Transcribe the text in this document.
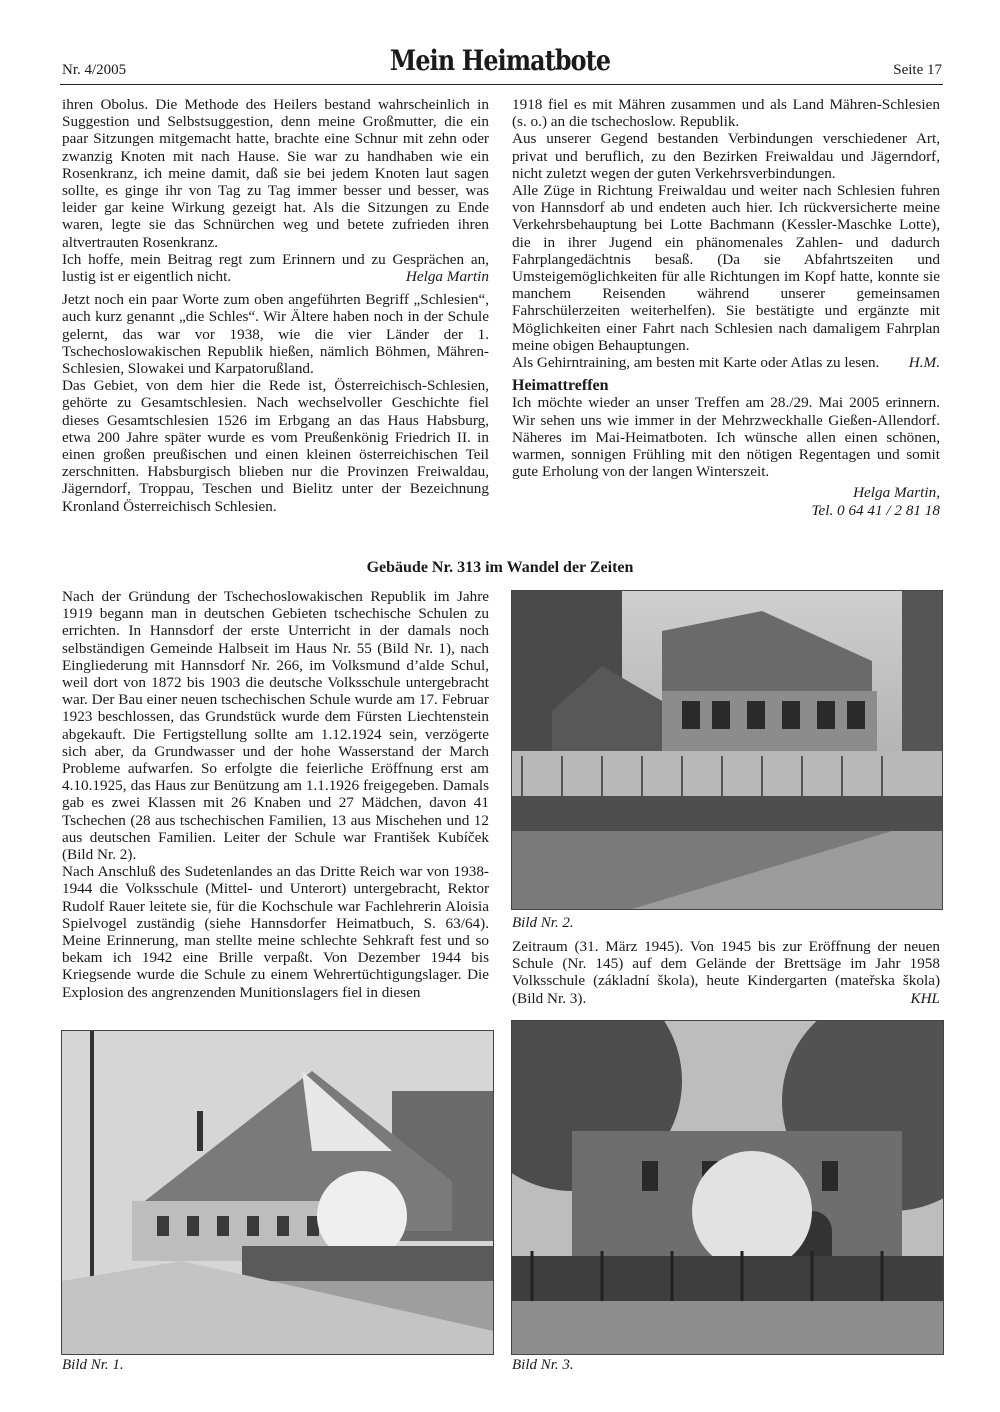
Nr. 4/2005	Mein Heimatbote	Seite 17

ihren Obolus. Die Methode des Heilers bestand wahrscheinlich in Suggestion und Selbstsuggestion, denn meine Großmutter, die ein paar Sitzungen mitgemacht hatte, brachte eine Schnur mit zehn oder zwanzig Knoten mit nach Hause. Sie war zu handhaben wie ein Rosenkranz, ich meine damit, daß sie bei jedem Knoten laut sagen sollte, es ginge ihr von Tag zu Tag immer besser und besser, was leider gar keine Wirkung gezeigt hat. Als die Sitzungen zu Ende waren, legte sie das Schnürchen weg und betete zufrieden ihren altvertrauten Rosenkranz.

Ich hoffe, mein Beitrag regt zum Erinnern und zu Gesprächen an, lustig ist er eigentlich nicht.	Helga Martin

Jetzt noch ein paar Worte zum oben angeführten Begriff „Schlesien“, auch kurz genannt „die Schles“. Wir Ältere haben noch in der Schule gelernt, das war vor 1938, wie die vier Länder der 1. Tschechoslowakischen Republik hießen, nämlich Böhmen, Mähren-Schlesien, Slowakei und Karpatorußland.

Das Gebiet, von dem hier die Rede ist, Österreichisch-Schlesien, gehörte zu Gesamtschlesien. Nach wechselvoller Geschichte fiel dieses Gesamtschlesien 1526 im Erbgang an das Haus Habsburg, etwa 200 Jahre später wurde es vom Preußenkönig Friedrich II. in einen großen preußischen und einen kleinen österreichischen Teil zerschnitten. Habsburgisch blieben nur die Provinzen Freiwaldau, Jägerndorf, Troppau, Teschen und Bielitz unter der Bezeichnung Kronland Österreichisch Schlesien.

1918 fiel es mit Mähren zusammen und als Land Mähren-Schlesien (s. o.) an die tschechoslow. Republik.

Aus unserer Gegend bestanden Verbindungen verschiedener Art, privat und beruflich, zu den Bezirken Freiwaldau und Jägerndorf, nicht zuletzt wegen der guten Verkehrsverbindungen.

Alle Züge in Richtung Freiwaldau und weiter nach Schlesien fuhren von Hannsdorf ab und endeten auch hier. Ich rückversicherte meine Verkehrsbehauptung bei Lotte Bachmann (Kessler-Maschke Lotte), die in ihrer Jugend ein phänomenales Zahlen- und dadurch Fahrplangedächtnis besaß. (Da sie Abfahrtszeiten und Umsteigemöglichkeiten für alle Richtungen im Kopf hatte, konnte sie manchem Reisenden während unserer gemeinsamen Fahrschülerzeiten weiterhelfen). Sie bestätigte und ergänzte mit Möglichkeiten einer Fahrt nach Schlesien nach damaligem Fahrplan meine obigen Behauptungen.

Als Gehirntraining, am besten mit Karte oder Atlas zu lesen. H.M.

Heimattreffen

Ich möchte wieder an unser Treffen am 28./29. Mai 2005 erinnern. Wir sehen uns wie immer in der Mehrzweckhalle Gießen-Allendorf. Näheres im Mai-Heimatboten. Ich wünsche allen einen schönen, warmen, sonnigen Frühling mit den nötigen Regentagen und somit gute Erholung von der langen Winterszeit.

Helga Martin,

Tel. 0 64 41 / 2 81 18

Gebäude Nr. 313 im Wandel der Zeiten

Nach der Gründung der Tschechoslowakischen Republik im Jahre 1919 begann man in deutschen Gebieten tschechische Schulen zu errichten. In Hannsdorf der erste Unterricht in der damals noch selbständigen Gemeinde Halbseit im Haus Nr. 55 (Bild Nr. 1), nach Eingliederung mit Hannsdorf Nr. 266, im Volksmund d’alde Schul, weil dort von 1872 bis 1903 die deutsche Volksschule untergebracht war. Der Bau einer neuen tschechischen Schule wurde am 17. Februar 1923 beschlossen, das Grundstück wurde dem Fürsten Liechtenstein abgekauft. Die Fertigstellung sollte am 1.12.1924 sein, verzögerte sich aber, da Grundwasser und der hohe Wasserstand der March Probleme aufwarfen. So erfolgte die feierliche Eröffnung erst am 4.10.1925, das Haus zur Benützung am 1.1.1926 freigegeben. Damals gab es zwei Klassen mit 26 Knaben und 27 Mädchen, davon 41 Tschechen (28 aus tschechischen Familien, 13 aus Mischehen und 12 aus deutschen Familien. Leiter der Schule war František Kubíček (Bild Nr. 2).

Nach Anschluß des Sudetenlandes an das Dritte Reich war von 1938-1944 die Volksschule (Mittel- und Unterort) untergebracht, Rektor Rudolf Rauer leitete sie, für die Kochschule war Fachlehrerin Aloisia Spielvogel zuständig (siehe Hannsdorfer Heimatbuch, S. 63/64). Meine Erinnerung, man stellte meine schlechte Sehkraft fest und so bekam ich 1942 eine Brille verpaßt. Von Dezember 1944 bis Kriegsende wurde die Schule zu einem Wehrertüchtigungslager. Die Explosion des angrenzenden Munitionslagers fiel in diesen

Bild Nr. 2.

Zeitraum (31. März 1945). Von 1945 bis zur Eröffnung der neuen Schule (Nr. 145) auf dem Gelände der Brettsäge im Jahr 1958 Volksschule (základní škola), heute Kindergarten (mateřska škola) (Bild Nr. 3).	KHL

Bild Nr. 1.	Bild Nr. 3.
